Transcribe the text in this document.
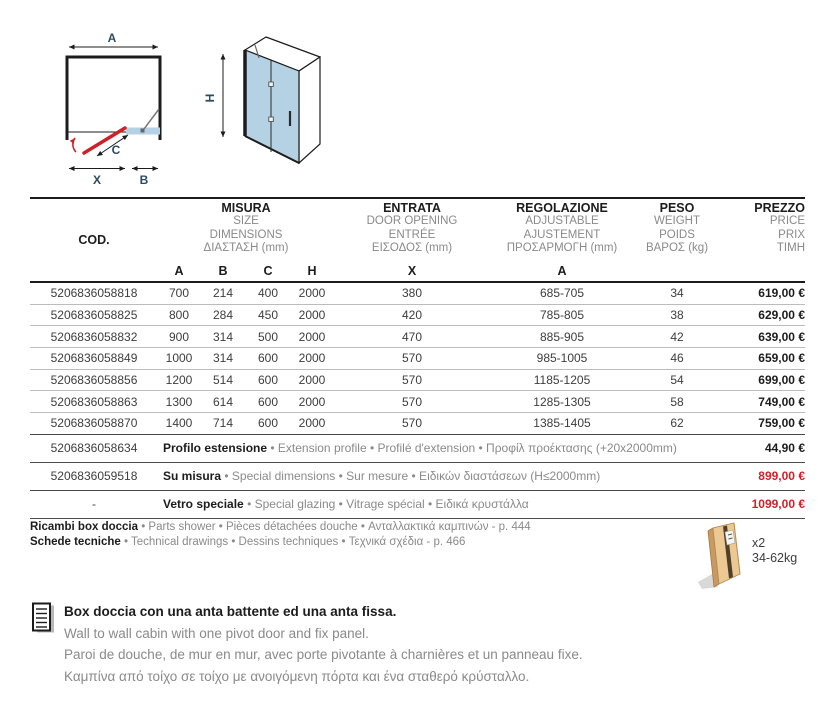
A
C
X	B
H
COD.
MISURA
SIZE
DIMENSIONS
ΔΙΑΣΤΑΣΗ (mm)
ENTRATA
DOOR OPENING
ENTRÉE
ΕΙΣΟΔΟΣ (mm)
REGOLAZIONE
ADJUSTABLE
AJUSTEMENT
ΠΡΟΣΑΡΜΟΓΗ (mm)
PESO
WEIGHT
POIDS
ΒΑΡΟΣ (kg)
PREZZO
PRICE
PRIX
ΤΙΜΗ
A	B	C	H	X	A
5206836058818	700	214	400	2000	380	685-705	34	619,00 €
5206836058825	800	284	450	2000	420	785-805	38	629,00 €
5206836058832	900	314	500	2000	470	885-905	42	639,00 €
5206836058849	1000	314	600	2000	570	985-1005	46	659,00 €
5206836058856	1200	514	600	2000	570	1185-1205	54	699,00 €
5206836058863	1300	614	600	2000	570	1285-1305	58	749,00 €
5206836058870	1400	714	600	2000	570	1385-1405	62	759,00 €
5206836058634	Profilo estensione • Extension profile • Profilé d'extension • Προφίλ προέκτασης (+20x2000mm)	44,90 €
5206836059518	Su misura • Special dimensions • Sur mesure • Ειδικών διαστάσεων (H≤2000mm)	899,00 €
-	Vetro speciale • Special glazing • Vitrage spécial • Ειδικά κρυστάλλα	1099,00 €

Ricambi box doccia • Parts shower • Pièces détachées douche • Ανταλλακτικά καμπινών - p. 444

Schede tecniche • Technical drawings • Dessins techniques • Τεχνικά σχέδια - p. 466	x2
34-62kg
Box doccia con una anta battente ed una anta fissa.
Wall to wall cabin with one pivot door and fix panel.
Paroi de douche, de mur en mur, avec porte pivotante à charnières et un panneau fixe.
Καμπίνα από τοίχο σε τοίχο με ανοιγόμενη πόρτα και ένα σταθερό κρύσταλλο.
